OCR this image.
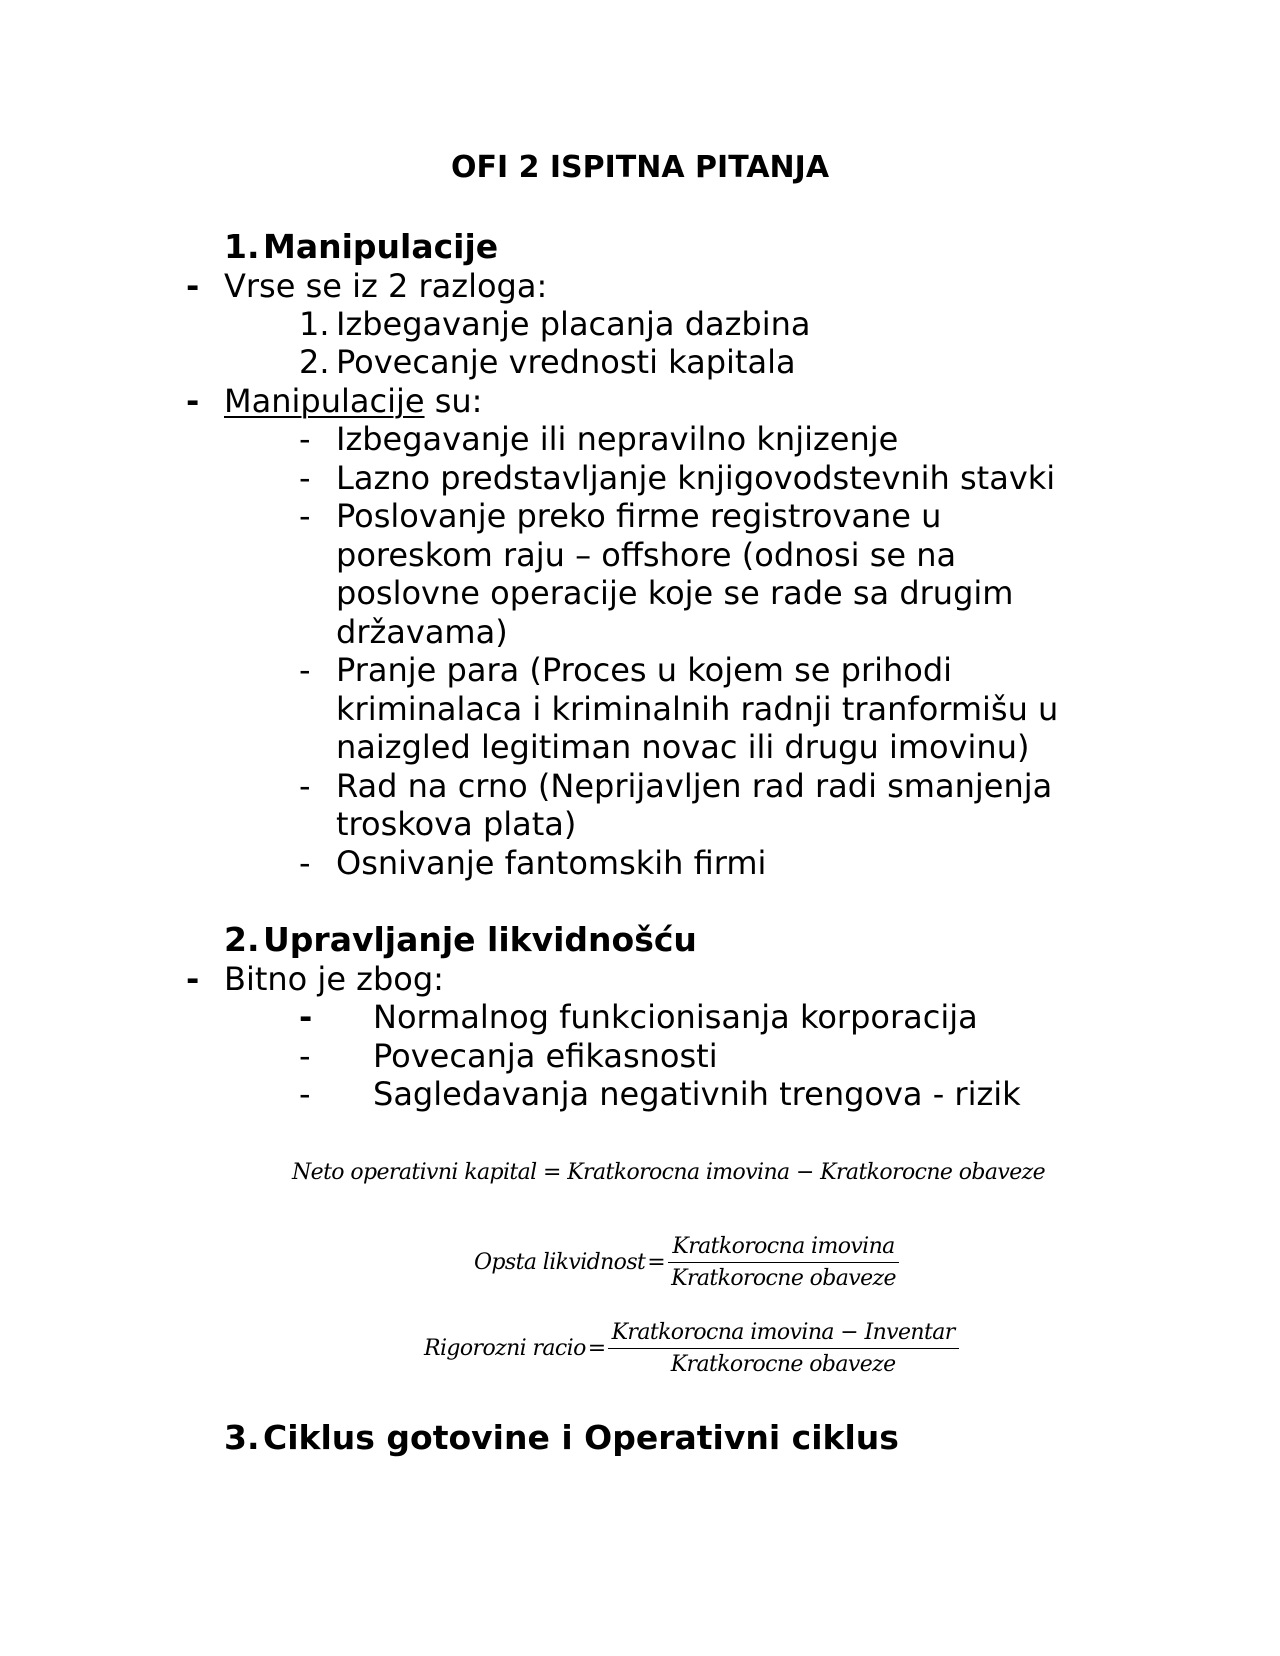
OFI 2 ISPITNA PITANJA
1. Manipulacije
- Vrse se iz 2 razloga:
1. Izbegavanje placanja dazbina
2. Povecanje vrednosti kapitala
- Manipulacije su:
- Izbegavanje ili nepravilno knjizenje
- Lazno predstavljanje knjigovodstevnih stavki
- Poslovanje preko firme registrovane u
poreskom raju – offshore (odnosi se na
poslovne operacije koje se rade sa drugim
državama)
- Pranje para (Proces u kojem se prihodi
kriminalaca i kriminalnih radnji tranformišu u
naizgled legitiman novac ili drugu imovinu)
- Rad na crno (Neprijavljen rad radi smanjenja
troskova plata)
- Osnivanje fantomskih firmi
2. Upravljanje likvidnošću
- Bitno je zbog:
- Normalnog funkcionisanja korporacija
- Povecanja efikasnosti
- Sagledavanja negativnih trengova - rizik
Neto operativni kapital = Kratkorocna imovina − Kratkorocne obaveze
Opsta likvidnost = $\frac{\text{Kratkorocna imovina}}{\text{Kratkorocne obaveze}}$
Rigorozni racio = $\frac{\text{Kratkorocna imovina − Inventar}}{\text{Kratkorocne obaveze}}$
3. Ciklus gotovine i Operativni ciklus
